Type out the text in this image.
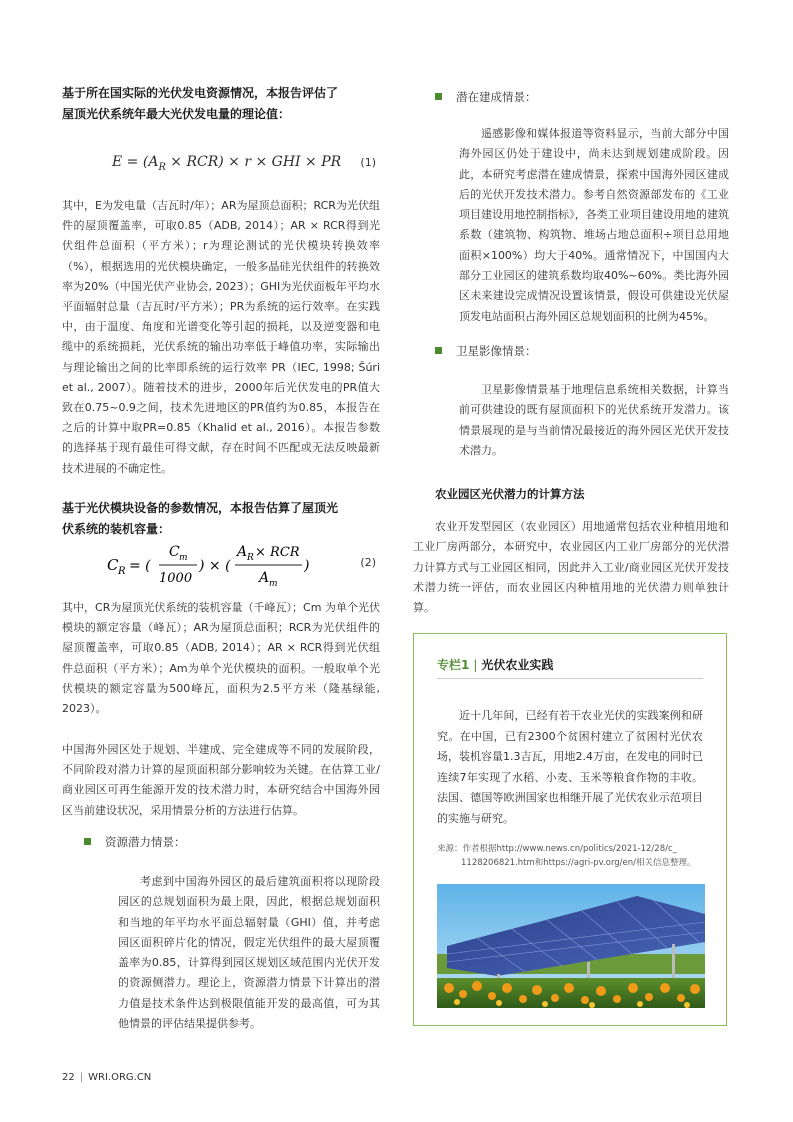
基于所在国实际的光伏发电资源情况，本报告评估了
屋顶光伏系统年最大光伏发电量的理论值：
$E = (A_R \times RCR) \times r$ × GHI × PR (1)
其中，E为发电量（吉瓦时/年）；AR为屋顶总面积；RCR为光伏组件的屋顶覆盖率，可取0.85（ADB, 2014）；AR × RCR得到光伏组件总面积（平方米）；r为理论测试的光伏模块转换效率（%），根据选用的光伏模块确定，一般多晶硅光伏组件的转换效率为20%（中国光伏产业协会, 2023）；GHI为光伏面板年平均水平面辐射总量（吉瓦时/平方米）；PR为系统的运行效率。在实践中，由于温度、角度和光谱变化等引起的损耗，以及逆变器和电缆中的系统损耗，光伏系统的输出功率低于峰值功率，实际输出与理论输出之间的比率即系统的运行效率 PR（IEC, 1998; Šúri et al., 2007）。随着技术的进步，2000年后光伏发电的PR值大致在0.75~0.9之间，技术先进地区的PR值约为0.85，本报告在之后的计算中取PR=0.85（Khalid et al., 2016）。本报告参数的选择基于现有最佳可得文献，存在时间不匹配或无法反映最新技术进展的不确定性。
基于光伏模块设备的参数情况，本报告估算了屋顶光
伏系统的装机容量：
C R = (
C m
1000
) × (
A R × RCR
A m
)	(2)
其中，CR为屋顶光伏系统的装机容量（千峰瓦）；Cm 为单个光伏模块的额定容量（峰瓦）；AR为屋顶总面积；RCR为光伏组件的屋顶覆盖率，可取0.85（ADB, 2014）；AR × RCR得到光伏组件总面积（平方米）；Am为单个光伏模块的面积。一般取单个光伏模块的额定容量为500峰瓦，面积为2.5平方米（隆基绿能, 2023）。
中国海外园区处于规划、半建成、完全建成等不同的发展阶段，不同阶段对潜力计算的屋顶面积部分影响较为关键。在估算工业/商业园区可再生能源开发的技术潜力时，本研究结合中国海外园区当前建设状况，采用情景分析的方法进行估算。
资源潜力情景：
考虑到中国海外园区的最后建筑面积将以现阶段园区的总规划面积为最上限，因此，根据总规划面积和当地的年平均水平面总辐射量（GHI）值，并考虑园区面积碎片化的情况，假定光伏组件的最大屋顶覆盖率为0.85，计算得到园区规划区域范围内光伏开发的资源侧潜力。理论上，资源潜力情景下计算出的潜力值是技术条件达到极限值能开发的最高值，可为其他情景的评估结果提供参考。
潜在建成情景：
遥感影像和媒体报道等资料显示，当前大部分中国海外园区仍处于建设中，尚未达到规划建成阶段。因此，本研究考虑潜在建成情景，探索中国海外园区建成后的光伏开发技术潜力。参考自然资源部发布的《工业项目建设用地控制指标》，各类工业项目建设用地的建筑系数（建筑物、构筑物、堆场占地总面积÷项目总用地面积×100%）均大于40%。通常情况下，中国国内大部分工业园区的建筑系数均取40%~60%。类比海外园区未来建设完成情况设置该情景，假设可供建设光伏屋顶发电站面积占海外园区总规划面积的比例为45%。
卫星影像情景：
卫星影像情景基于地理信息系统相关数据，计算当前可供建设的既有屋顶面积下的光伏系统开发潜力。该情景展现的是与当前情况最接近的海外园区光伏开发技术潜力。
农业园区光伏潜力的计算方法
农业开发型园区（农业园区）用地通常包括农业种植用地和工业厂房两部分，本研究中，农业园区内工业厂房部分的光伏潜力计算方式与工业园区相同，因此并入工业/商业园区光伏开发技术潜力统一评估，而农业园区内种植用地的光伏潜力则单独计算。
专栏1 | 光伏农业实践
近十几年间，已经有若干农业光伏的实践案例和研究。在中国，已有2300个贫困村建立了贫困村光伏农场，装机容量1.3吉瓦，用地2.4万亩，在发电的同时已连续7年实现了水稻、小麦、玉米等粮食作物的丰收。法国、德国等欧洲国家也相继开展了光伏农业示范项目的实施与研究。
来源：作者根据http://www.news.cn/politics/2021-12/28/c_
1128206821.htm和https://agri-pv.org/en/相关信息整理。
22 | WRI.ORG.CN
